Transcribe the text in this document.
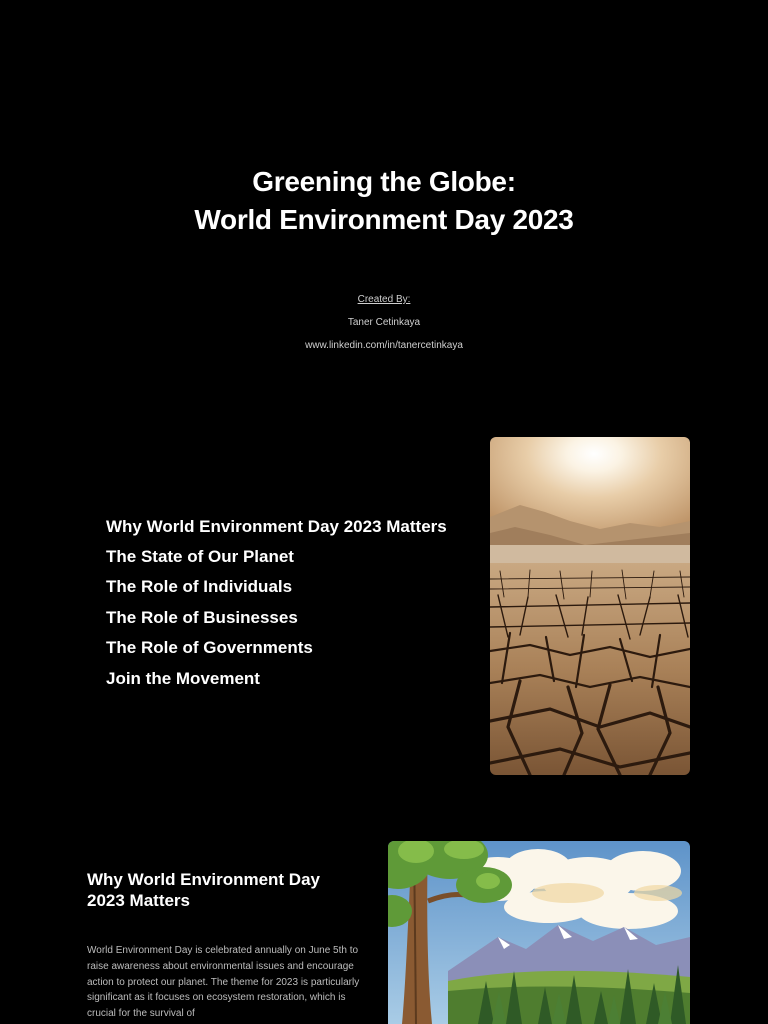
Greening the Globe:
World Environment Day 2023
Created By:
Taner Cetinkaya
www.linkedin.com/in/tanercetinkaya
Why World Environment Day 2023 Matters
The State of Our Planet
The Role of Individuals
The Role of Businesses
The Role of Governments
Join the Movement
Why World Environment Day
2023 Matters
World Environment Day is celebrated annually on June 5th to raise awareness about environmental issues and encourage action to protect our planet. The theme for 2023 is particularly significant as it focuses on ecosystem restoration, which is crucial for the survival of
